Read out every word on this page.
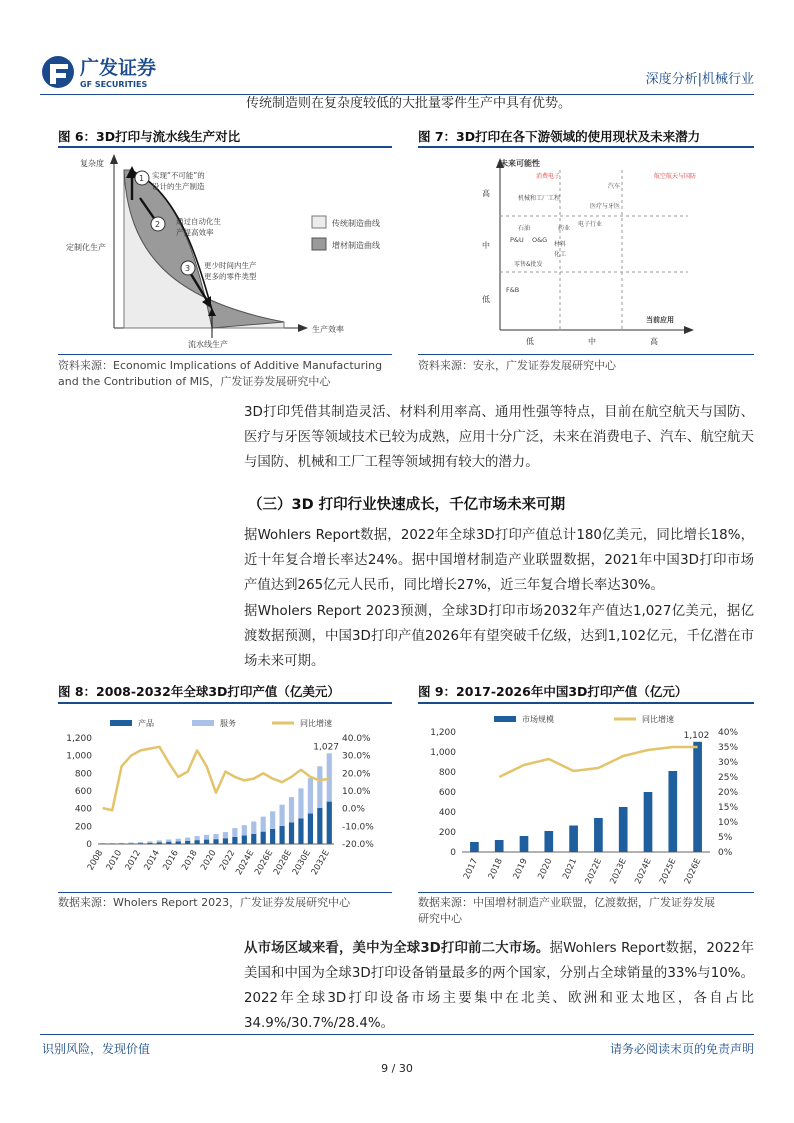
广发证券
GF SECURITIES	深度分析|机械行业
传统制造则在复杂度较低的大批量零件生产中具有优势。
图 6：3D打印与流水线生产对比
复杂度
生产效率
定制化生产
流水线生产
1 实现“不可能”的
设计的生产制造
2 通过自动化生
产提高效率
3 更少时间内生产
更多的零件类型
传统制造曲线
增材制造曲线
资料来源：Economic Implications of Additive Manufacturing
and the Contribution of MIS，广发证券发展研究中心
图 7：3D打印在各下游领域的使用现状及未来潜力
未来可能性
当前应用
高
中
低
低	中	高
消费电子	航空航天与国防
汽车
机械和工厂工程
医疗与牙医
石油	药业
电子行业
P&U O&G
材料
化工
零售&批发
F&B
资料来源：安永，广发证券发展研究中心
3D打印凭借其制造灵活、材料利用率高、通用性强等特点，目前在航空航天与国防、医疗与牙医等领域技术已较为成熟，应用十分广泛，未来在消费电子、汽车、航空航天与国防、机械和工厂工程等领域拥有较大的潜力。
（三）3D 打印行业快速成长，千亿市场未来可期
据Wohlers Report数据，2022年全球3D打印产值总计180亿美元，同比增长18%，近十年复合增长率达24%。据中国增材制造产业联盟数据，2021年中国3D打印市场产值达到265亿元人民币，同比增长27%，近三年复合增长率达30%。
据Wholers Report 2023预测，全球3D打印市场2032年产值达1,027亿美元，据亿渡数据预测，中国3D打印产值2026年有望突破千亿级，达到1,102亿元，千亿潜在市场未来可期。
图 8：2008-2032年全球3D打印产值（亿美元）
产品	服务	同比增速
1,200
1,000
800
600
400
200
0
40.0%
30.0%
20.0%
10.0%
0.0%
-10.0%
-20.0%
2008 2010 2012 2014 2016 2018 2020 2022
2024E
2026E
2028E
2030E
2032E
1,027
数据来源：Wholers Report 2023，广发证券发展研究中心
图 9：2017-2026年中国3D打印产值（亿元）
市场规模	同比增速
1,200
1,000
800
600
400
200
0
40%
35%
30%
25%
20%
15%
10%
5%
0%
2017 2018 2019 2020 2021 2022E 2023E 2024E 2025E 2026E
1,102
数据来源：中国增材制造产业联盟，亿渡数据，广发证券发展
研究中心
从市场区域来看，美中为全球3D打印前二大市场。据Wohlers Report数据，2022年美国和中国为全球3D打印设备销量最多的两个国家，分别占全球销量的33%与10%。2022年全球3D打印设备市场主要集中在北美、欧洲和亚太地区，各自占比34.9%/30.7%/28.4%。
识别风险，发现价值	请务必阅读末页的免责声明
9 / 30
